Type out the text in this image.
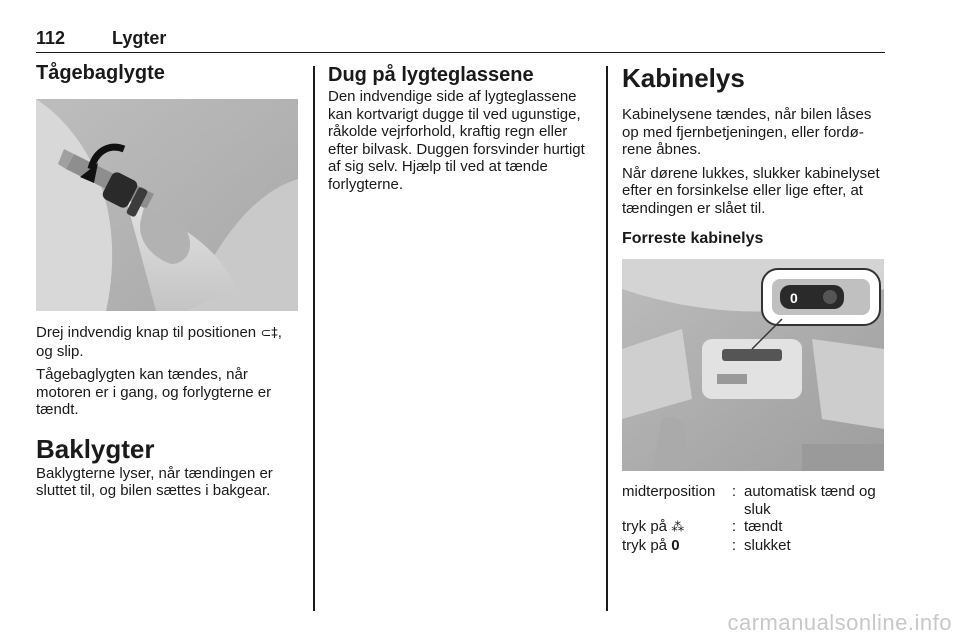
112	Lygter
Tågebaglygte

Drej indvendig knap til positionen ⊂‡,
og slip.

Tågebaglygten kan tændes, når motoren er i gang, og forlygterne er tændt.

Baklygter

Baklygterne lyser, når tændingen er sluttet til, og bilen sættes i bakgear.

Dug på lygteglassene

Den indvendige side af lygteglassene kan kortvarigt dugge til ved ugunstige, råkolde vejrforhold, kraftig regn eller efter bilvask. Duggen forsvinder hurtigt af sig selv. Hjælp til ved at tænde forlygterne.

Kabinelys

Kabinelysene tændes, når bilen låses op med fjernbetjeningen, eller fordørene åbnes.

Når dørene lukkes, slukker kabinelyset efter en forsinkelse eller lige efter, at tændingen er slået til.

Forreste kabinelys
0
midterposition	: automatisk tænd og sluk
tryk på ⁂	: tændt
tryk på 0	: slukket
carmanualsonline.info
